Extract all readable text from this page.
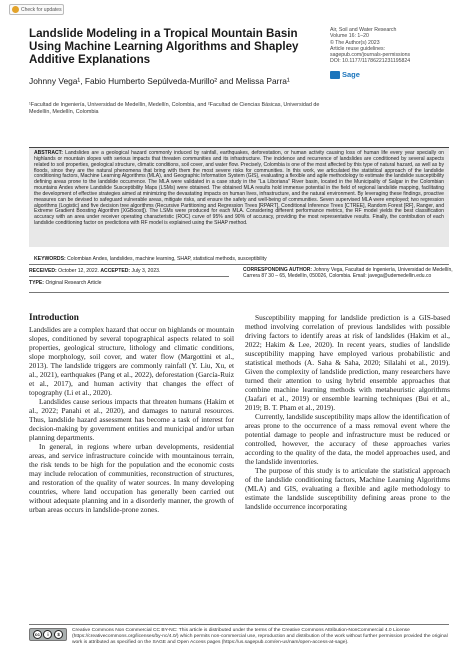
Check for updates
Landslide Modeling in a Tropical Mountain Basin Using Machine Learning Algorithms and Shapley Additive Explanations
Air, Soil and Water Research
Volume 16: 1–20
© The Author(s) 2023
Article reuse guidelines:
sagepub.com/journals-permissions
DOI: 10.1177/11786221231195824
Sage
Johnny Vega¹, Fabio Humberto Sepúlveda-Murillo² and Melissa Parra¹
¹Facultad de Ingeniería, Universidad de Medellín, Medellín, Colombia, and ²Facultad de Ciencias Básicas, Universidad de Medellín, Medellín, Colombia
ABSTRACT: Landslides are a geological hazard commonly induced by rainfall, earthquakes, deforestation, or human activity causing loss of human life every year specially on highlands or mountain slopes with serious impacts that threaten communities and its infrastructure. The incidence and recurrence of landslides are conditioned by several aspects related to soil properties, geological structure, climatic conditions, soil cover, and water flow. Precisely, Colombia is one of the most affected by this type of natural hazard, as well as by floods, since they are the natural phenomena that bring with them the most severe risks for communities. In this work, we articulated the statistical approach of the landslide conditioning factors, Machine Learning Algorithms (MLA), and Geographic Information System (GIS), evaluating a flexible and agile methodology to estimate the landslide susceptibility defining areas prone to the landslide occurrence. The MLA were validated in a case study in the “La Liboriana” River basin, located in the Municipality of Salgar in the Colombian mountains Andes where Landslide Susceptibility Maps (LSMs) were obtained. The obtained MLA results hold immense potential in the field of regional landslide mapping, facilitating the development of effective strategies aimed at minimizing the devastating impacts on human lives, infrastructure, and the natural environment. By leveraging these findings, proactive measures can be devised to safeguard vulnerable areas, mitigate risks, and ensure the safety and well-being of communities. Seven supervised MLA were employed; two regression algorithms (Logistic) and five decision tree algorithms (Recursive Partitioning and Regression Trees [RPART], Conditional Inference Trees [CTREE], Random Forest [RF], Ranger, and Extreme Gradient Boosting Algorithm [XGBoost]). The LSMs were produced for each MLA. Considering different performance metrics, the RF model yields the best classification accuracy with an area under receiver operating characteristic (ROC) curve of 95% and 90% of accuracy, providing the most representative results. Finally, the contribution of each landslide conditioning factor on predictions with RF model is explained using the SHAP method.
KEYWORDS: Colombian Andes, landslides, machine learning, SHAP, statistical methods, susceptibility
RECEIVED: October 12, 2022. ACCEPTED: July 3, 2023.
TYPE: Original Research Article
CORRESPONDING AUTHOR: Johnny Vega, Facultad de Ingeniería, Universidad de Medellín, Carrera 87 30 – 65, Medellín, 050026, Colombia. Email: javega@udemedellin.edu.co
Introduction

Landslides are a complex hazard that occur on highlands or mountain slopes, conditioned by several topographical aspects related to soil properties, geological structure, lithology and climatic conditions, slope morphology, soil cover, and water flow (Margottini et al., 2013). The landslide triggers are commonly rainfall (Y. Liu, Xu, et al., 2021), earthquakes (Pang et al., 2022), deforestation (García-Ruiz et al., 2017), and human activity that changes the effect of topography (Li et al., 2020).

Landslides cause serious impacts that threaten humans (Hakim et al., 2022; Panahi et al., 2020), and damages to natural resources. Thus, landslide hazard assessment has become a task of interest for decision-making by government entities and municipal and/or urban planning departments.

In general, in regions where urban developments, residential areas, and service infrastructure coincide with mountainous terrain, the risk tends to be high for the population and the economic costs may include relocation of communities, reconstruction of structures, and restoration of the quality of water sources. In many developing countries, where land occupation has generally been carried out without adequate planning and in a disorderly manner, the growth of urban areas occurs in landslide-prone zones.

Susceptibility mapping for landslide prediction is a GIS-based method involving correlation of previous landslides with possible driving factors to identify areas at risk of landslides (Hakim et al., 2022; Hakim & Lee, 2020). In recent years, studies of landslide susceptibility mapping have employed various probabilistic and statistical methods (A. Saha & Saha, 2020; Silalahi et al., 2019). Given the complexity of landslide prediction, many researchers have turned their attention to using hybrid ensemble approaches that combine machine learning methods with metaheuristic algorithms (Jaafari et al., 2019) or ensemble learning techniques (Bui et al., 2019; B. T. Pham et al., 2019).

Currently, landslide susceptibility maps allow the identification of areas prone to the occurrence of a mass removal event where the potential damage to people and infrastructure must be reduced or controlled, however, the accuracy of these approaches varies according to the quality of the data, the model approaches used, and the landslide inventories.

The purpose of this study is to articulate the statistical approach of the landslide conditioning factors, Machine Learning Algorithms (MLA) and GIS, evaluating a flexible and agile methodology to estimate the landslide susceptibility defining areas prone to the landslide occurrence incorporating

cc	i	$
Creative Commons Non Commercial CC BY-NC: This article is distributed under the terms of the Creative Commons Attribution-NonCommercial 4.0 License (https://creativecommons.org/licenses/by-nc/4.0/) which permits non-commercial use, reproduction and distribution of the work without further permission provided the original work is attributed as specified on the SAGE and Open Access pages (https://us.sagepub.com/en-us/nam/open-access-at-sage).
